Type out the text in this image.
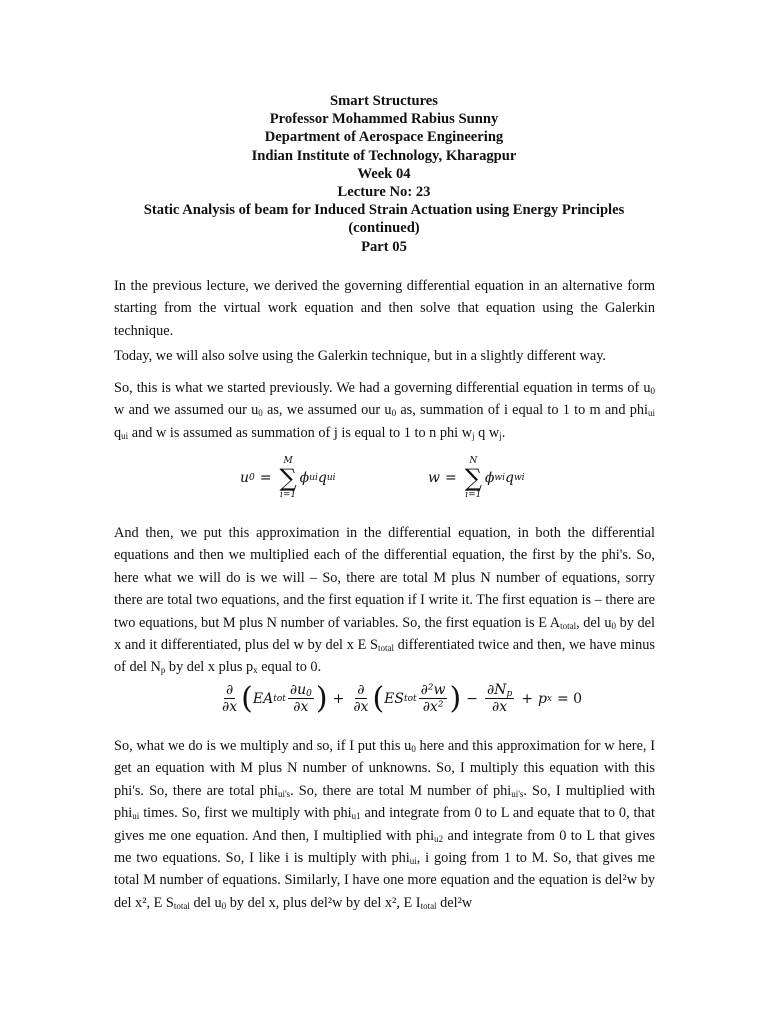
Smart Structures
Professor Mohammed Rabius Sunny
Department of Aerospace Engineering
Indian Institute of Technology, Kharagpur
Week 04
Lecture No: 23
Static Analysis of beam for Induced Strain Actuation using Energy Principles
(continued)
Part 05

In the previous lecture, we derived the governing differential equation in an alternative form starting from the virtual work equation and then solve that equation using the Galerkin technique.

Today, we will also solve using the Galerkin technique, but in a slightly different way.

So, this is what we started previously. We had a governing differential equation in terms of $u_0$ w and we assumed our $u_0$ as, we assumed our $u_0$ as, summation of i equal to 1 to m and phi$_{ui}$ $q_{ui}$ and w is assumed as summation of j is equal to 1 to n phi $w_j$ q $w_j$.

u 0 =
M
∑
i=1
ϕ ui q ui	w =
N
∑
i=1
ϕ wi q wi

And then, we put this approximation in the differential equation, in both the differential equations and then we multiplied each of the differential equation, the first by the phi's. So, here what we will do is we will – So, there are total M plus N number of equations, sorry there are total two equations, and the first equation if I write it. The first equation is – there are two equations, but M plus N number of variables. So, the first equation is E $A_{total}$, del $u_0$ by del x and it differentiated, plus del w by del x E $S_{total}$ differentiated twice and then, we have minus of del $N_p$ by del x plus $p_x$ equal to 0.

$\frac{\partial}{\partial x}$ ( EA tot $\frac{\partial u_0}{\partial x}$ ) + $\frac{\partial}{\partial x}$ ( ES tot $\frac{\text{∂²w}}{\text{∂x²}}$ ) − $\frac{\partial N_p}{\partial x} + p$ x = 0

So, what we do is we multiply and so, if I put this $u_0$ here and this approximation for w here, I get an equation with M plus N number of unknowns. So, I multiply this equation with this phi's. So, there are total phi$_{ui's}$. So, there are total M number of phi$_{ui's}$. So, I multiplied with phi$_{ui}$ times. So, first we multiply with phi$_{u1}$ and integrate from 0 to L and equate that to 0, that gives me one equation. And then, I multiplied with phi$_{u2}$ and integrate from 0 to L that gives me two equations. So, I like i is multiply with phi$_{ui}$, i going from 1 to M. So, that gives me total M number of equations. Similarly, I have one more equation and the equation is del²w by del x², E $S_{total}$ del $u_0$ by del x, plus del²w by del x², E $I_{total}$ del²w
